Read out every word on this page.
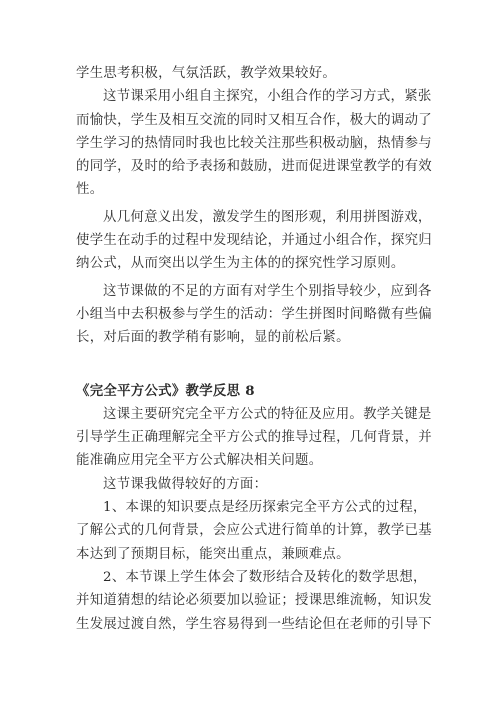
学生思考积极，气氛活跃，教学效果较好。

这节课采用小组自主探究，小组合作的学习方式，紧张
而愉快，学生及相互交流的同时又相互合作，极大的调动了
学生学习的热情同时我也比较关注那些积极动脑，热情参与
的同学，及时的给予表扬和鼓励，进而促进课堂教学的有效
性。

从几何意义出发，激发学生的图形观，利用拼图游戏，
使学生在动手的过程中发现结论，并通过小组合作，探究归
纳公式，从而突出以学生为主体的的探究性学习原则。

这节课做的不足的方面有对学生个别指导较少，应到各
小组当中去积极参与学生的活动：学生拼图时间略微有些偏
长，对后面的教学稍有影响，显的前松后紧。

《完全平方公式》教学反思 8

这课主要研究完全平方公式的特征及应用。教学关键是
引导学生正确理解完全平方公式的推导过程，几何背景，并
能准确应用完全平方公式解决相关问题。

这节课我做得较好的方面：

1、本课的知识要点是经历探索完全平方公式的过程，
了解公式的几何背景，会应公式进行简单的计算，教学已基
本达到了预期目标，能突出重点，兼顾难点。

2、本节课上学生体会了数形结合及转化的数学思想，
并知道猜想的结论必须要加以验证；授课思维流畅，知识发
生发展过渡自然，学生容易得到一些结论但在老师的引导下
